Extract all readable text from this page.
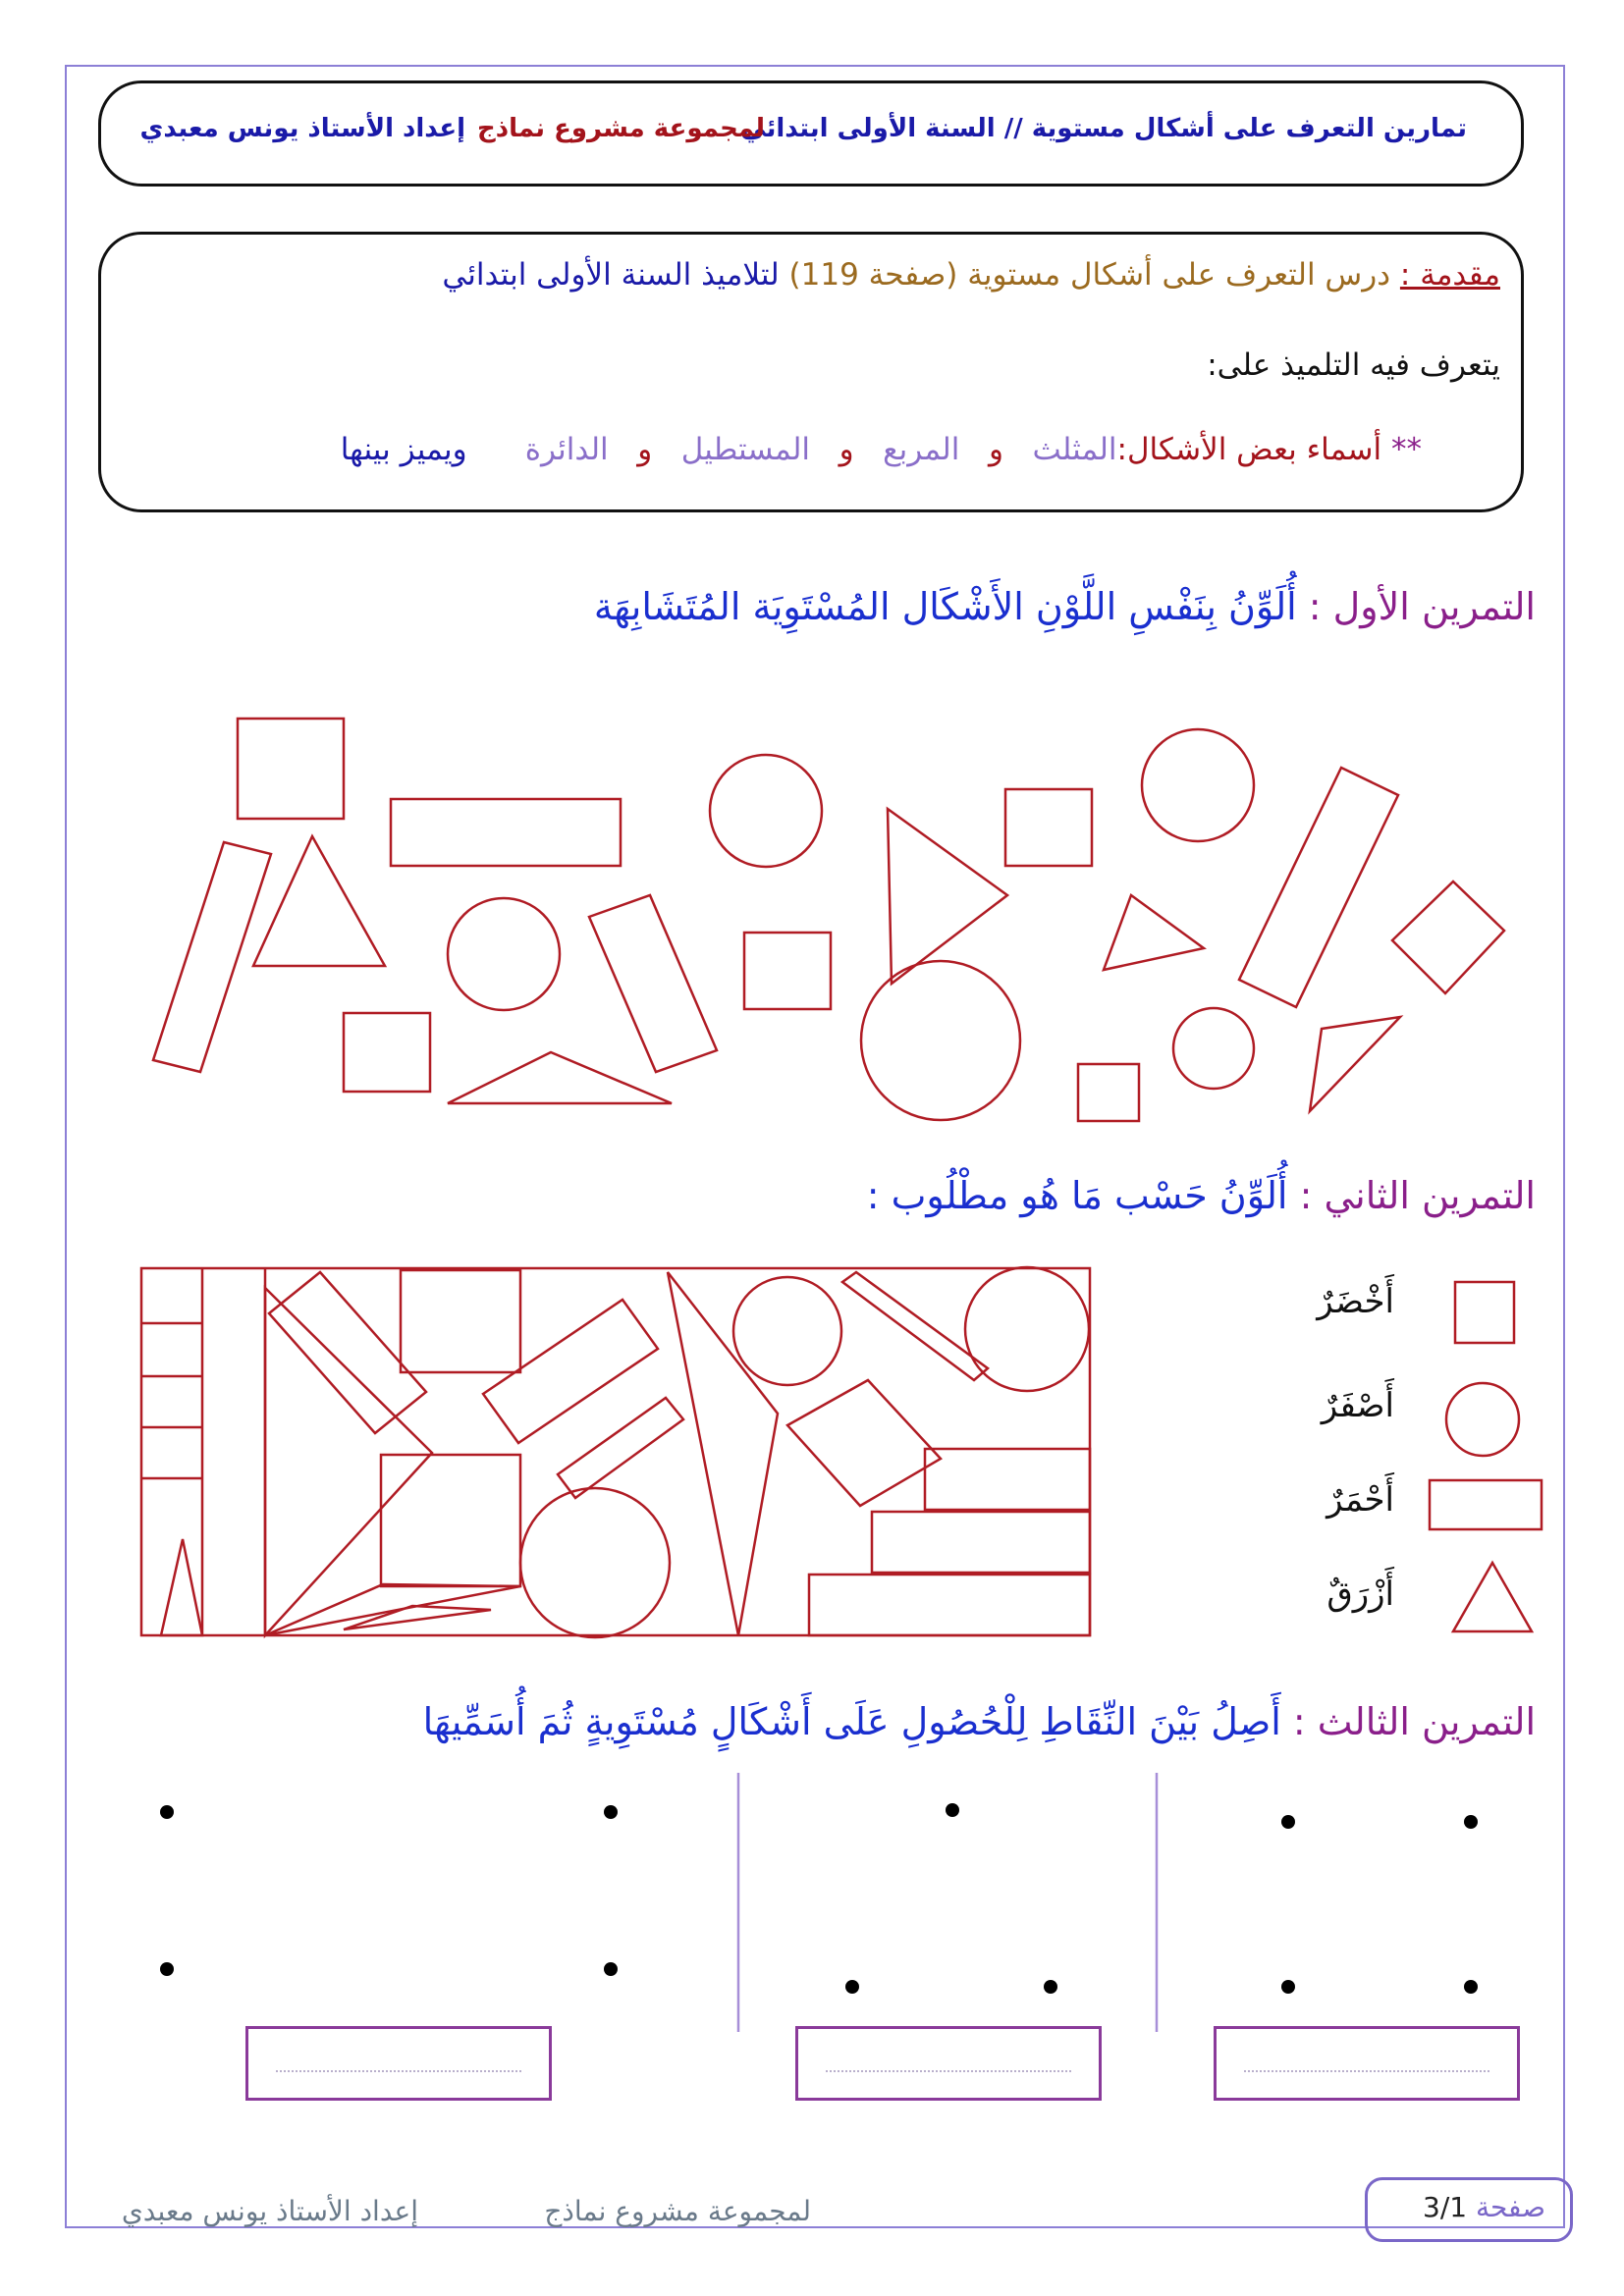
تمارين التعرف على أشكال مستوية // السنة الأولى ابتدائي
لمجموعة مشروع نماذج
إعداد الأستاذ يونس معبدي
مقدمة : درس التعرف على أشكال مستوية (صفحة 119) لتلاميذ السنة الأولى ابتدائي
يتعرف فيه التلميذ على:
** أسماء بعض الأشكال:المثلث   و   المربع   و   المستطيل   و   الدائرة      ويميز بينها
التمرين الأول : أُلَوِّنُ بِنَفْسِ اللَّوْنِ الأَشْكَال المُسْتَوِيَة المُتَشَابِهَة
التمرين الثاني : أُلَوِّنُ حَسْب مَا هُو مطْلُوب :
أَخْضَرٌ
أَصْفَرٌ
أَحْمَرٌ
أَزْرَقٌ
التمرين الثالث : أَصِلُ بَيْنَ النِّقَاطِ لِلْحُصُولِ عَلَى أَشْكَالٍ مُسْتَوِيةٍ ثُمَ أُسَمِّيهَا
صفحة 3/1
لمجموعة مشروع نماذج
إعداد الأستاذ يونس معبدي
